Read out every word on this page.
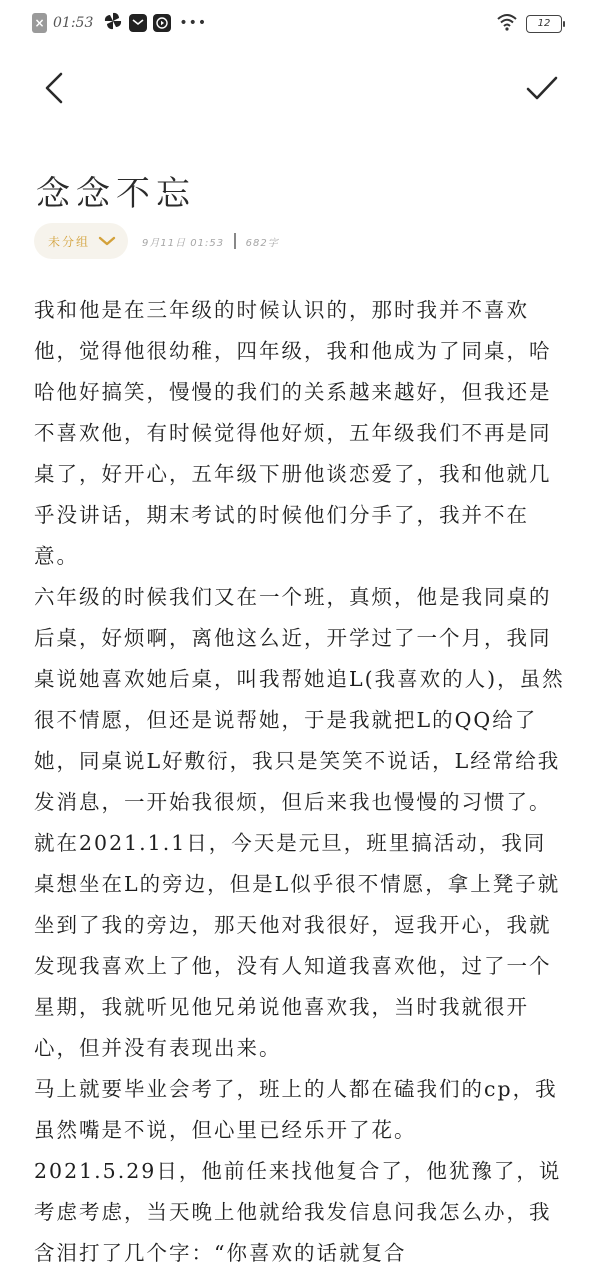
× 01:53	•••	12
念念不忘
未分组	9月11日 01:53 682字

我和他是在三年级的时候认识的，那时我并不喜欢他，觉得他很幼稚，四年级，我和他成为了同桌，哈哈他好搞笑，慢慢的我们的关系越来越好，但我还是不喜欢他，有时候觉得他好烦，五年级我们不再是同桌了，好开心，五年级下册他谈恋爱了，我和他就几乎没讲话，期末考试的时候他们分手了，我并不在意。

六年级的时候我们又在一个班，真烦，他是我同桌的后桌，好烦啊，离他这么近，开学过了一个月，我同桌说她喜欢她后桌，叫我帮她追L(我喜欢的人)，虽然很不情愿，但还是说帮她，于是我就把L的QQ给了她，同桌说L好敷衍，我只是笑笑不说话，L经常给我发消息，一开始我很烦，但后来我也慢慢的习惯了。

就在2021.1.1日，今天是元旦，班里搞活动，我同桌想坐在L的旁边，但是L似乎很不情愿，拿上凳子就坐到了我的旁边，那天他对我很好，逗我开心，我就发现我喜欢上了他，没有人知道我喜欢他，过了一个星期，我就听见他兄弟说他喜欢我，当时我就很开心，但并没有表现出来。

马上就要毕业会考了，班上的人都在磕我们的cp，我虽然嘴是不说，但心里已经乐开了花。

2021.5.29日，他前任来找他复合了，他犹豫了，说考虑考虑，当天晚上他就给我发信息问我怎么办，我含泪打了几个字：“你喜欢的话就复合
